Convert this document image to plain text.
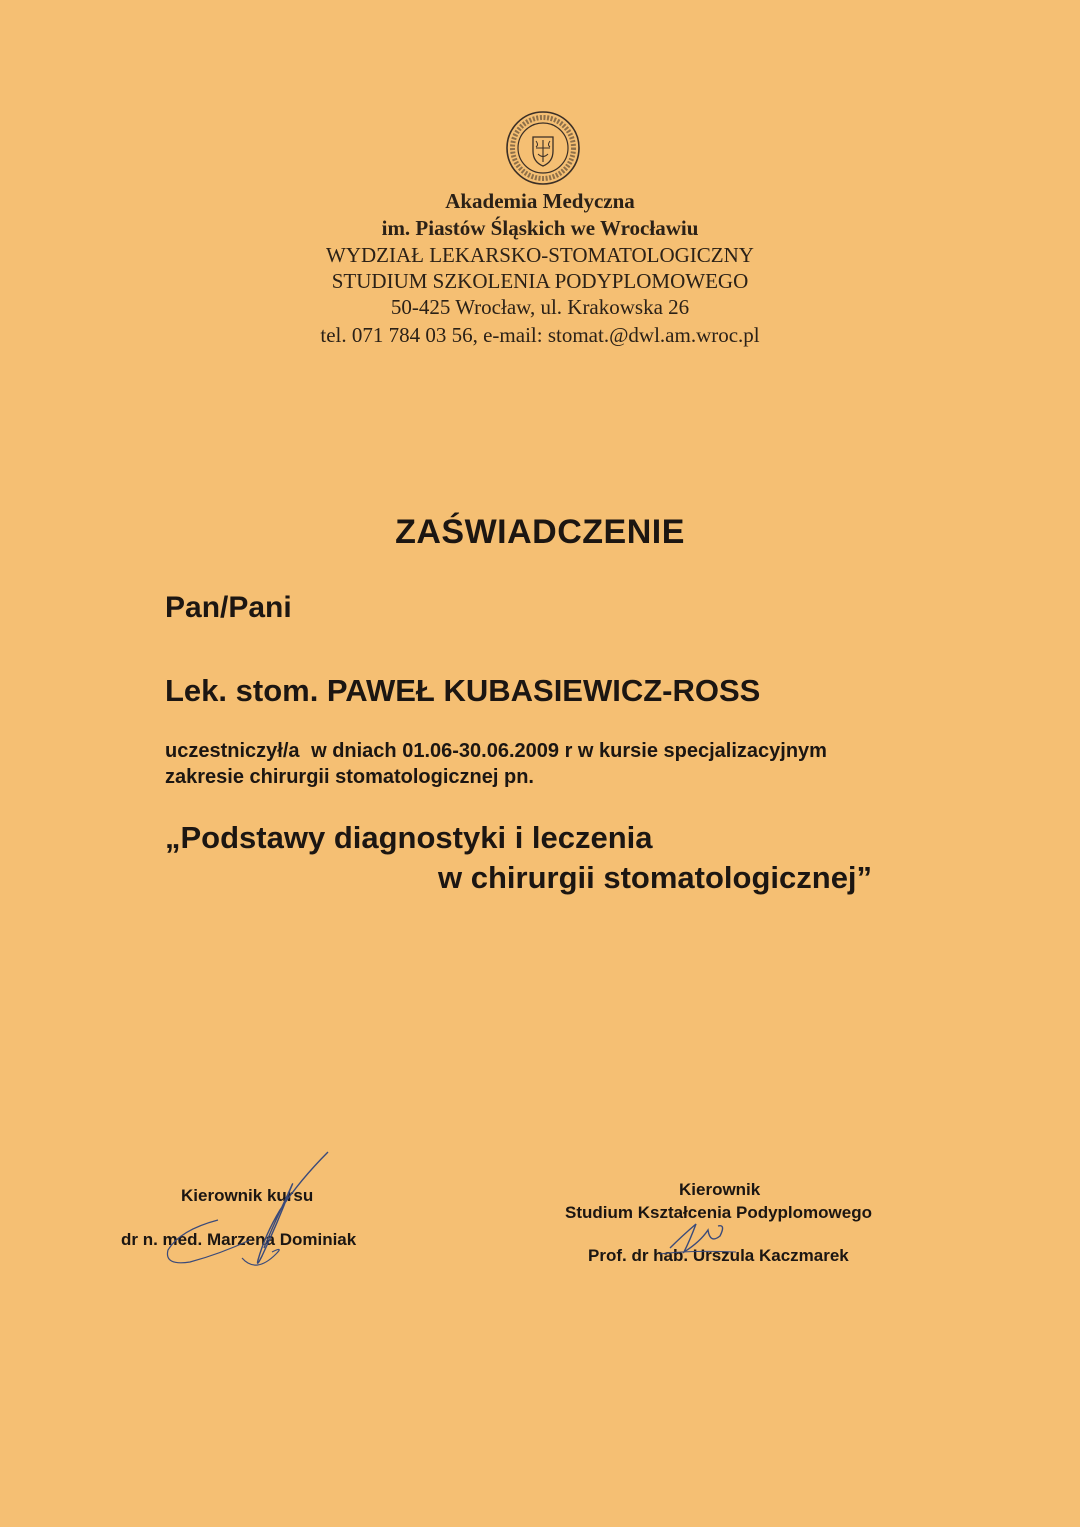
Akademia Medyczna
im. Piastów Śląskich we Wrocławiu
WYDZIAŁ LEKARSKO-STOMATOLOGICZNY
STUDIUM SZKOLENIA PODYPLOMOWEGO
50-425 Wrocław, ul. Krakowska 26
tel. 071 784 03 56, e-mail: stomat.@dwl.am.wroc.pl
ZAŚWIADCZENIE
Pan/Pani
Lek. stom. PAWEŁ KUBASIEWICZ-ROSS
uczestniczył/a w dniach 01.06-30.06.2009 r w kursie specjalizacyjnym
zakresie chirurgii stomatologicznej pn.
„Podstawy diagnostyki i leczenia
w chirurgii stomatologicznej”
Kierownik kursu
dr n. med. Marzena Dominiak
Kierownik
Studium Kształcenia Podyplomowego
Prof. dr hab. Urszula Kaczmarek
